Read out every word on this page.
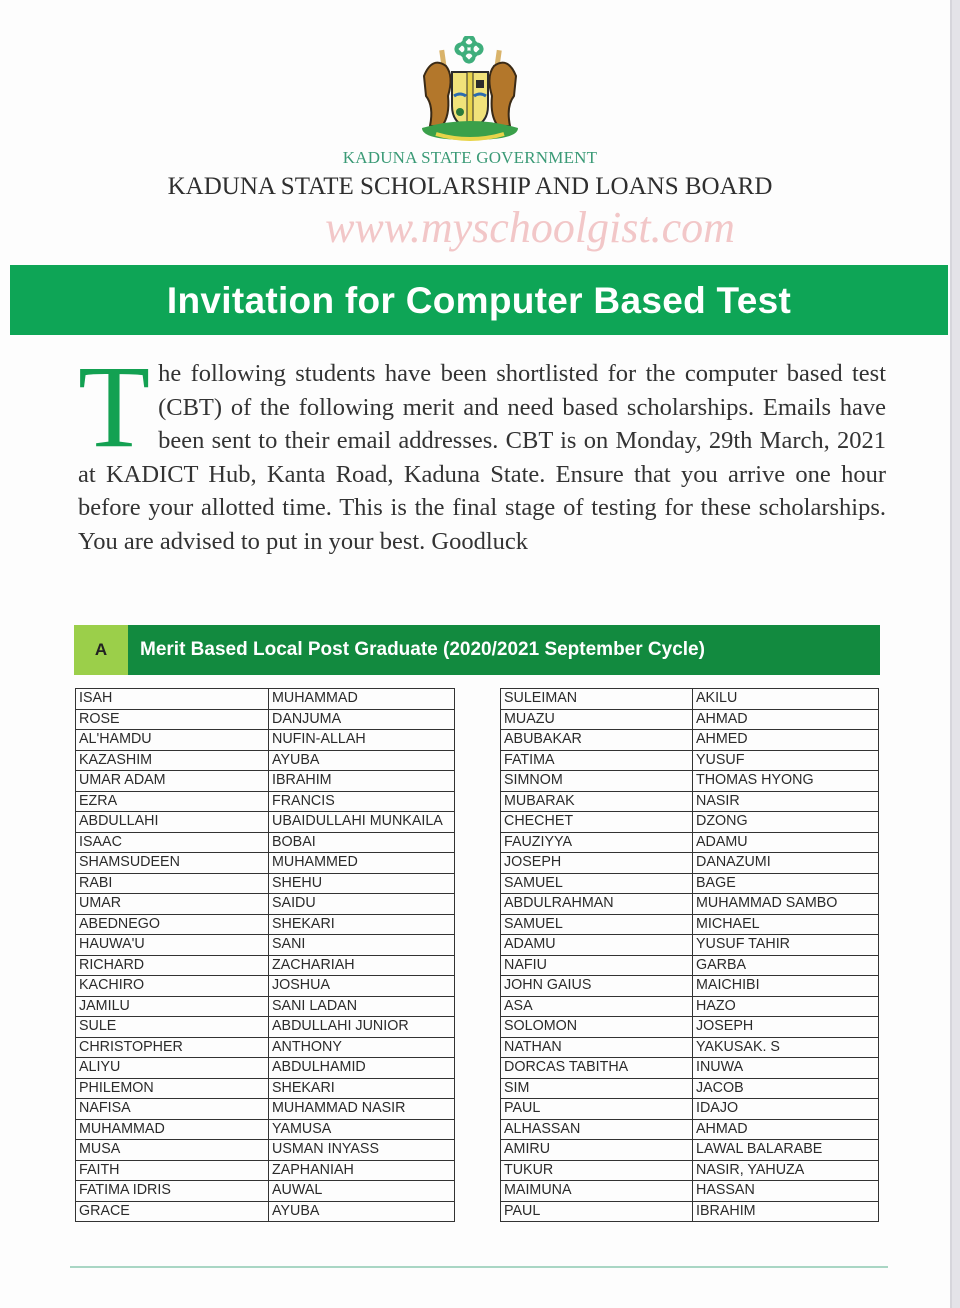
KADUNA STATE GOVERNMENT
KADUNA STATE SCHOLARSHIP AND LOANS BOARD
www.myschoolgist.com
Invitation for Computer Based Test
The following students have been shortlisted for the computer based test (CBT) of the following merit and need based scholarships. Emails have been sent to their email addresses. CBT is on Monday, 29th March, 2021 at KADICT Hub, Kanta Road, Kaduna State. Ensure that you arrive one hour before your allotted time. This is the final stage of testing for these scholarships. You are advised to put in your best. Goodluck
A	Merit Based Local Post Graduate (2020/2021 September Cycle)
ISAH	MUHAMMAD
ROSE	DANJUMA
AL'HAMDU	NUFIN-ALLAH
KAZASHIM	AYUBA
UMAR ADAM	IBRAHIM
EZRA	FRANCIS
ABDULLAHI	UBAIDULLAHI MUNKAILA
ISAAC	BOBAI
SHAMSUDEEN	MUHAMMED
RABI	SHEHU
UMAR	SAIDU
ABEDNEGO	SHEKARI
HAUWA'U	SANI
RICHARD	ZACHARIAH
KACHIRO	JOSHUA
JAMILU	SANI LADAN
SULE	ABDULLAHI JUNIOR
CHRISTOPHER	ANTHONY
ALIYU	ABDULHAMID
PHILEMON	SHEKARI
NAFISA	MUHAMMAD NASIR
MUHAMMAD	YAMUSA
MUSA	USMAN INYASS
FAITH	ZAPHANIAH
FATIMA IDRIS	AUWAL
GRACE	AYUBA
SULEIMAN	AKILU
MUAZU	AHMAD
ABUBAKAR	AHMED
FATIMA	YUSUF
SIMNOM	THOMAS HYONG
MUBARAK	NASIR
CHECHET	DZONG
FAUZIYYA	ADAMU
JOSEPH	DANAZUMI
SAMUEL	BAGE
ABDULRAHMAN	MUHAMMAD SAMBO
SAMUEL	MICHAEL
ADAMU	YUSUF TAHIR
NAFIU	GARBA
JOHN GAIUS	MAICHIBI
ASA	HAZO
SOLOMON	JOSEPH
NATHAN	YAKUSAK. S
DORCAS TABITHA	INUWA
SIM	JACOB
PAUL	IDAJO
ALHASSAN	AHMAD
AMIRU	LAWAL BALARABE
TUKUR	NASIR, YAHUZA
MAIMUNA	HASSAN
PAUL	IBRAHIM
